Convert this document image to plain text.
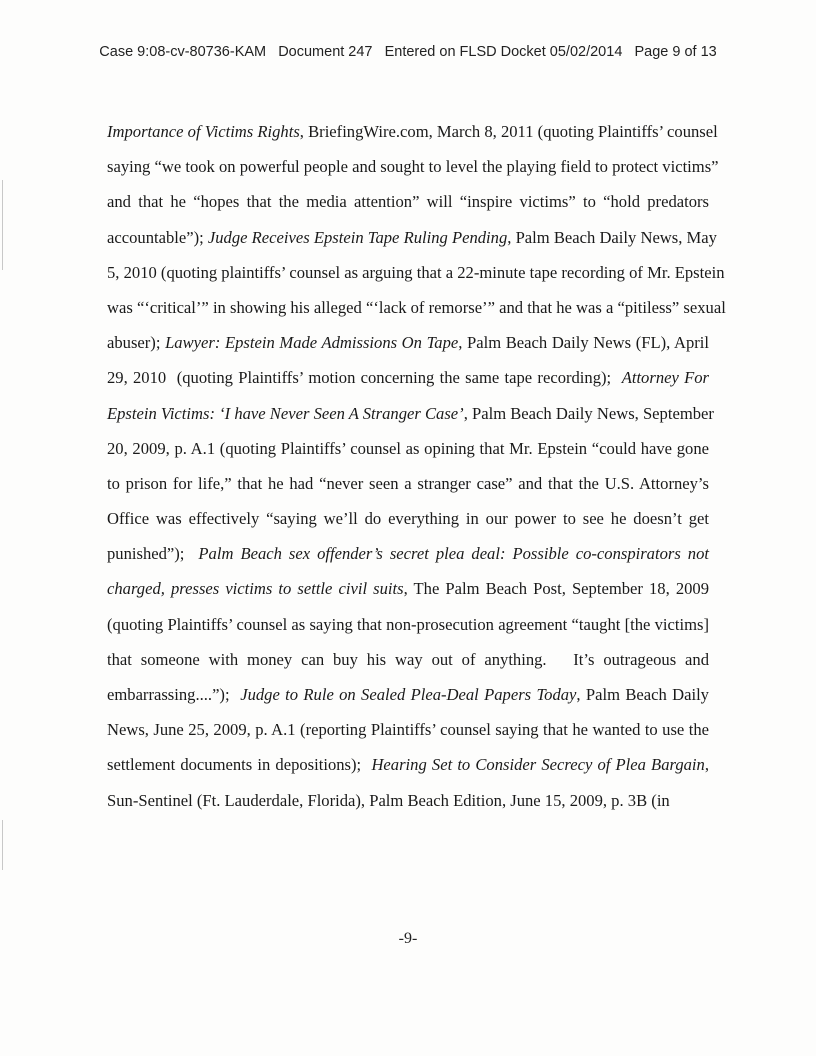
Case 9:08-cv-80736-KAM   Document 247   Entered on FLSD Docket 05/02/2014   Page 9 of 13
Importance of Victims Rights, BriefingWire.com, March 8, 2011 (quoting Plaintiffs’ counsel
saying “we took on powerful people and sought to level the playing field to protect victims”
and that he “hopes that the media attention” will “inspire victims” to “hold predators
accountable”); Judge Receives Epstein Tape Ruling Pending, Palm Beach Daily News, May
5, 2010 (quoting plaintiffs’ counsel as arguing that a 22-minute tape recording of Mr. Epstein
was “‘critical’” in showing his alleged “‘lack of remorse’” and that he was a “pitiless” sexual
abuser); Lawyer: Epstein Made Admissions On Tape, Palm Beach Daily News (FL), April
29, 2010  (quoting Plaintiffs’ motion concerning the same tape recording);  Attorney For
Epstein Victims: ‘I have Never Seen A Stranger Case’, Palm Beach Daily News, September
20, 2009, p. A.1 (quoting Plaintiffs’ counsel as opining that Mr. Epstein “could have gone
to prison for life,” that he had “never seen a stranger case” and that the U.S. Attorney’s
Office was effectively “saying we’ll do everything in our power to see he doesn’t get
punished”);  Palm Beach sex offender’s secret plea deal: Possible co-conspirators not
charged, presses victims to settle civil suits, The Palm Beach Post, September 18, 2009
(quoting Plaintiffs’ counsel as saying that non-prosecution agreement “taught [the victims]
that someone with money can buy his way out of anything.   It’s outrageous and
embarrassing....”);  Judge to Rule on Sealed Plea-Deal Papers Today, Palm Beach Daily
News, June 25, 2009, p. A.1 (reporting Plaintiffs’ counsel saying that he wanted to use the
settlement documents in depositions);  Hearing Set to Consider Secrecy of Plea Bargain,
Sun-Sentinel (Ft. Lauderdale, Florida), Palm Beach Edition, June 15, 2009, p. 3B (in
-9-
